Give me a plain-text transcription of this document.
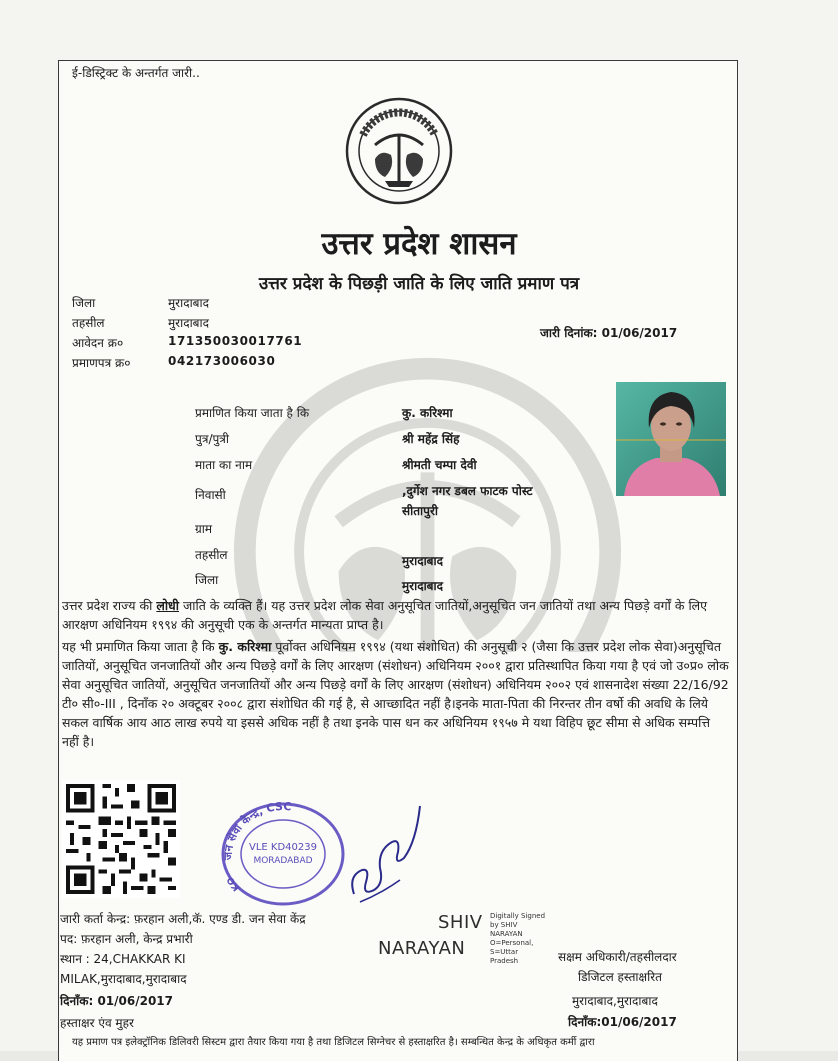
ई-डिस्ट्रिक्ट के अन्तर्गत जारी..
उत्तर प्रदेश शासन
उत्तर प्रदेश के पिछड़ी जाति के लिए जाति प्रमाण पत्र
जिला	मुरादाबाद
तहसील	मुरादाबाद
आवेदन क्र०	171350030017761
प्रमाणपत्र क्र०	042173006030
जारी दिनांक: 01/06/2017
प्रमाणित किया जाता है कि	कु. करिश्मा
पुत्र/पुत्री	श्री महेंद्र सिंह
माता का नाम	श्रीमती चम्पा देवी
निवासी	,दुर्गेश नगर डबल फाटक पोस्ट
सीतापुरी
ग्राम
तहसील	मुरादाबाद
जिला	मुरादाबाद
उत्तर प्रदेश राज्य की लोधी जाति के व्यक्ति हैं। यह उत्तर प्रदेश लोक सेवा अनुसूचित जातियों,अनुसूचित जन जातियों तथा अन्य पिछड़े वर्गों के लिए आरक्षण अधिनियम १९९४ की अनुसूची एक के अन्तर्गत मान्यता प्राप्त है।
यह भी प्रमाणित किया जाता है कि कु. करिश्मा पूर्वोक्त अधिनियम १९९४ (यथा संशोधित) की अनुसूची २ (जैसा कि उत्तर प्रदेश लोक सेवा)अनुसूचित जातियों, अनुसूचित जनजातियों और अन्य पिछड़े वर्गों के लिए आरक्षण (संशोधन) अधिनियम २००१ द्वारा प्रतिस्थापित किया गया है एवं जो उ०प्र० लोक सेवा अनुसूचित जातियों, अनुसूचित जनजातियों और अन्य पिछड़े वर्गों के लिए आरक्षण (संशोधन) अधिनियम २००२ एवं शासनादेश संख्या 22/16/92 टी० सी०-III , दिनाँक २० अक्टूबर २००८ द्वारा संशोधित की गई है, से आच्छादित नहीं है।इनके माता-पिता की निरन्तर तीन वर्षो की अवधि के लिये सकल वार्षिक आय आठ लाख रुपये या इससे अधिक नहीं है तथा इनके पास धन कर अधिनियम १९५७ मे यथा विहिप छूट सीमा से अधिक सम्पत्ति नहीं है।
जन सेवा केन्द्र, CSC
KO
VLE KD40239
MORADABAD
जारी कर्ता केन्द्र: फ़रहान अली,कॅ. एण्ड डी. जन सेवा केंद्र
पद: फ़रहान अली, केन्द्र प्रभारी
स्थान : 24,CHAKKAR KI
MILAK,मुरादाबाद,मुरादाबाद
दिनाँक: 01/06/2017
हस्ताक्षर एंव मुहर
SHIV
NARAYAN
Digitally Signed
by SHIV
NARAYAN
O=Personal,
S=Uttar
Pradesh	सक्षम अधिकारी/तहसीलदार
डिजिटल हस्ताक्षरित
मुरादाबाद,मुरादाबाद
दिनाँक:01/06/2017
यह प्रमाण पत्र इलेक्ट्रॉनिक डिलिवरी सिस्टम द्वारा तैयार किया गया है तथा डिजिटल सिग्नेचर से हस्ताक्षरित है। सम्बन्धित केन्द्र के अधिकृत कर्मी द्वारा
